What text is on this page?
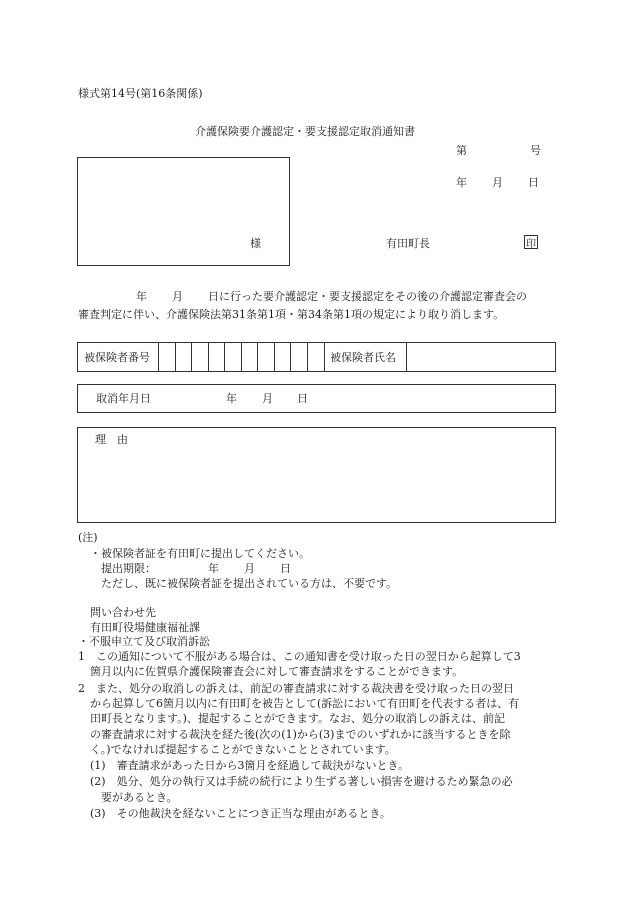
様式第14号(第16条関係)
介護保険要介護認定・要支援認定取消通知書
第	号
年 月 日
様	有田町長	印
年 月 日に行った要介護認定・要支援認定をその後の介護認定審査会の
審査判定に伴い、介護保険法第31条第1項・第34条第1項の規定により取り消します。
被保険者番号	被保険者氏名
取消年月日	年 月 日
理　由
(注)
・被保険者証を有田町に提出してください。
提出期限：	年 月 日
ただし、既に被保険者証を提出されている方は、不要です。
問い合わせ先
有田町役場健康福祉課
・不服申立て及び取消訴訟
1　この通知について不服がある場合は、この通知書を受け取った日の翌日から起算して3
箇月以内に佐賀県介護保険審査会に対して審査請求をすることができます。
2　また、処分の取消しの訴えは、前記の審査請求に対する裁決書を受け取った日の翌日
から起算して6箇月以内に有田町を被告として(訴訟において有田町を代表する者は、有
田町長となります。)、提起することができます。なお、処分の取消しの訴えは、前記
の審査請求に対する裁決を経た後(次の(1)から(3)までのいずれかに該当するときを除
く。)でなければ提起することができないこととされています。
(1)　審査請求があった日から3箇月を経過して裁決がないとき。
(2)　処分、処分の執行又は手続の続行により生ずる著しい損害を避けるため緊急の必
要があるとき。
(3)　その他裁決を経ないことにつき正当な理由があるとき。
